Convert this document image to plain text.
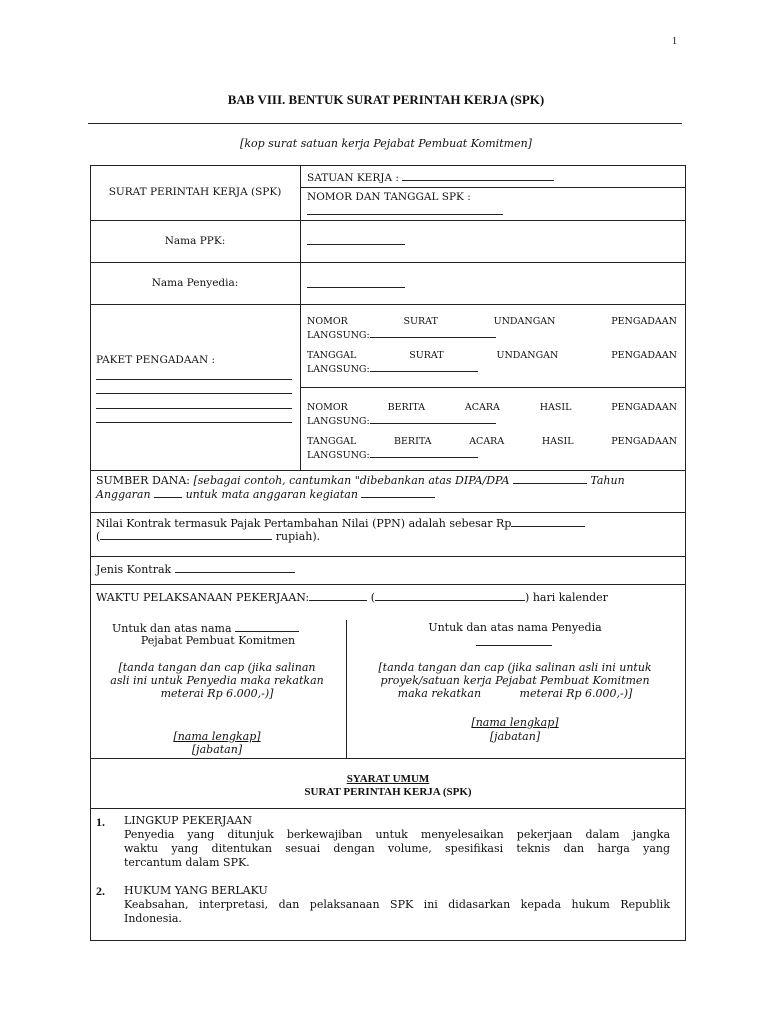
1
BAB VIII. BENTUK SURAT PERINTAH KERJA (SPK)
[kop surat satuan kerja Pejabat Pembuat Komitmen]
SURAT PERINTAH KERJA (SPK)
SATUAN KERJA :
NOMOR DAN TANGGAL SPK :
Nama PPK:
Nama Penyedia:
PAKET PENGADAAN :
NOMOR	SURAT	UNDANGAN	PENGADAAN
LANGSUNG:
TANGGAL	SURAT	UNDANGAN	PENGADAAN
LANGSUNG:
NOMOR	BERITA	ACARA	HASIL	PENGADAAN
LANGSUNG:
TANGGAL	BERITA	ACARA	HASIL	PENGADAAN
LANGSUNG:
SUMBER DANA: [sebagai contoh, cantumkan "dibebankan atas DIPA/DPA	Tahun
Anggaran	untuk mata anggaran kegiatan
Nilai Kontrak termasuk Pajak Pertambahan Nilai (PPN) adalah sebesar Rp
(	rupiah).
Jenis Kontrak
WAKTU PELAKSANAAN PEKERJAAN:	(	) hari kalender
Untuk dan atas nama
Pejabat Pembuat Komitmen
[tanda tangan dan cap (jika salinan
asli ini untuk Penyedia maka rekatkan
meterai Rp 6.000,-)]
[nama lengkap]
[jabatan]
Untuk dan atas nama Penyedia
[tanda tangan dan cap (jika salinan asli ini untuk
proyek/satuan kerja Pejabat Pembuat Komitmen
maka rekatkan           meterai Rp 6.000,-)]
[nama lengkap]
[jabatan]
SYARAT UMUM
SURAT PERINTAH KERJA (SPK)
1. LINGKUP PEKERJAAN
Penyedia yang ditunjuk berkewajiban untuk menyelesaikan pekerjaan dalam jangka
waktu yang ditentukan sesuai dengan volume, spesifikasi teknis dan harga yang
tercantum dalam SPK.
2. HUKUM YANG BERLAKU
Keabsahan, interpretasi, dan pelaksanaan SPK ini didasarkan kepada hukum Republik
Indonesia.
